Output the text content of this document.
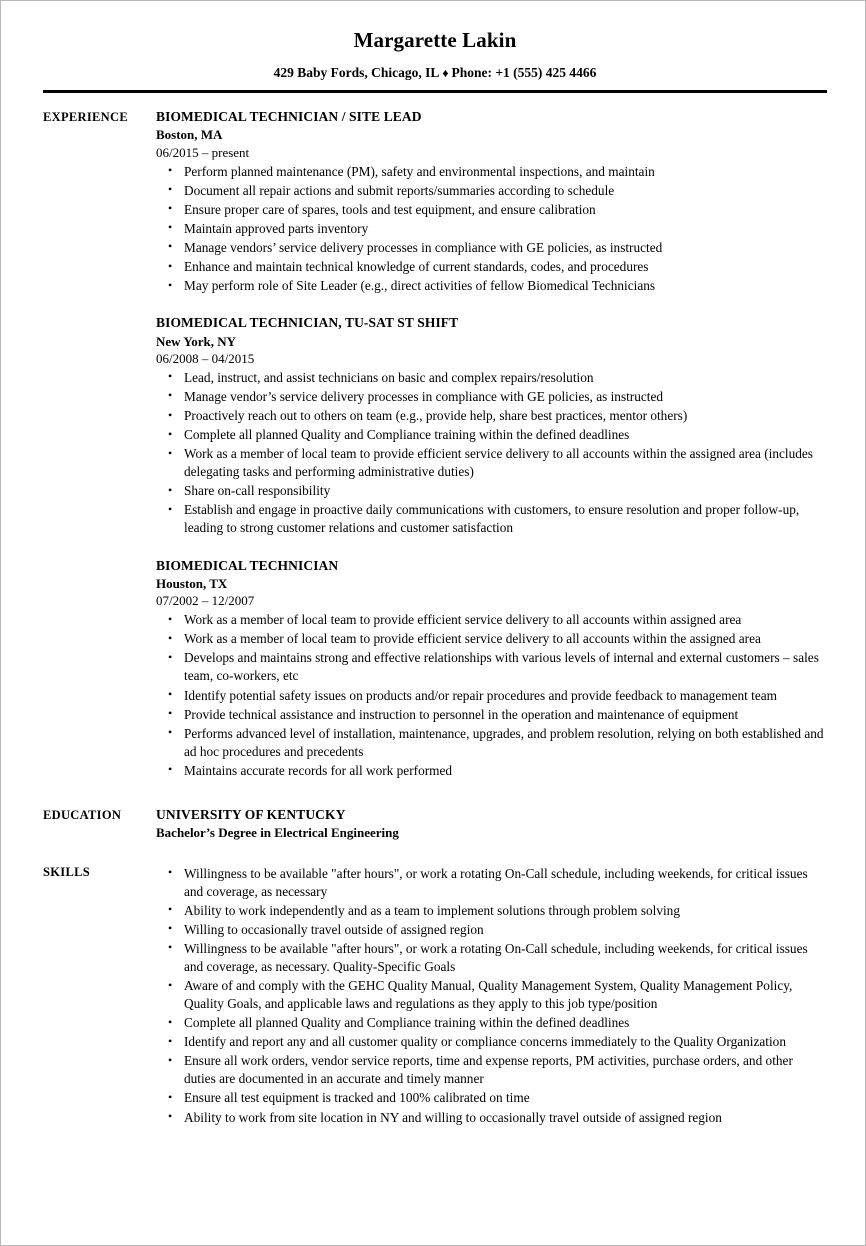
Margarette Lakin
429 Baby Fords, Chicago, IL ♦ Phone: +1 (555) 425 4466
EXPERIENCE	BIOMEDICAL TECHNICIAN / SITE LEAD
Boston, MA
06/2015 – present
• Perform planned maintenance (PM), safety and environmental inspections, and maintain
• Document all repair actions and submit reports/summaries according to schedule
• Ensure proper care of spares, tools and test equipment, and ensure calibration
• Maintain approved parts inventory
• Manage vendors’ service delivery processes in compliance with GE policies, as instructed
• Enhance and maintain technical knowledge of current standards, codes, and procedures
• May perform role of Site Leader (e.g., direct activities of fellow Biomedical Technicians
BIOMEDICAL TECHNICIAN, TU-SAT ST SHIFT
New York, NY
06/2008 – 04/2015
• Lead, instruct, and assist technicians on basic and complex repairs/resolution
• Manage vendor’s service delivery processes in compliance with GE policies, as instructed
• Proactively reach out to others on team (e.g., provide help, share best practices, mentor others)
• Complete all planned Quality and Compliance training within the defined deadlines
• Work as a member of local team to provide efficient service delivery to all accounts within the assigned area (includes delegating tasks and performing administrative duties)
• Share on-call responsibility
• Establish and engage in proactive daily communications with customers, to ensure resolution and proper follow-up, leading to strong customer relations and customer satisfaction
BIOMEDICAL TECHNICIAN
Houston, TX
07/2002 – 12/2007
• Work as a member of local team to provide efficient service delivery to all accounts within assigned area
• Work as a member of local team to provide efficient service delivery to all accounts within the assigned area
• Develops and maintains strong and effective relationships with various levels of internal and external customers – sales team, co-workers, etc
• Identify potential safety issues on products and/or repair procedures and provide feedback to management team
• Provide technical assistance and instruction to personnel in the operation and maintenance of equipment
• Performs advanced level of installation, maintenance, upgrades, and problem resolution, relying on both established and ad hoc procedures and precedents
• Maintains accurate records for all work performed
EDUCATION	UNIVERSITY OF KENTUCKY
Bachelor’s Degree in Electrical Engineering
SKILLS	• Willingness to be available "after hours", or work a rotating On-Call schedule, including weekends, for critical issues and coverage, as necessary
• Ability to work independently and as a team to implement solutions through problem solving
• Willing to occasionally travel outside of assigned region
• Willingness to be available "after hours", or work a rotating On-Call schedule, including weekends, for critical issues and coverage, as necessary. Quality-Specific Goals
• Aware of and comply with the GEHC Quality Manual, Quality Management System, Quality Management Policy, Quality Goals, and applicable laws and regulations as they apply to this job type/position
• Complete all planned Quality and Compliance training within the defined deadlines
• Identify and report any and all customer quality or compliance concerns immediately to the Quality Organization
• Ensure all work orders, vendor service reports, time and expense reports, PM activities, purchase orders, and other duties are documented in an accurate and timely manner
• Ensure all test equipment is tracked and 100% calibrated on time
• Ability to work from site location in NY and willing to occasionally travel outside of assigned region
